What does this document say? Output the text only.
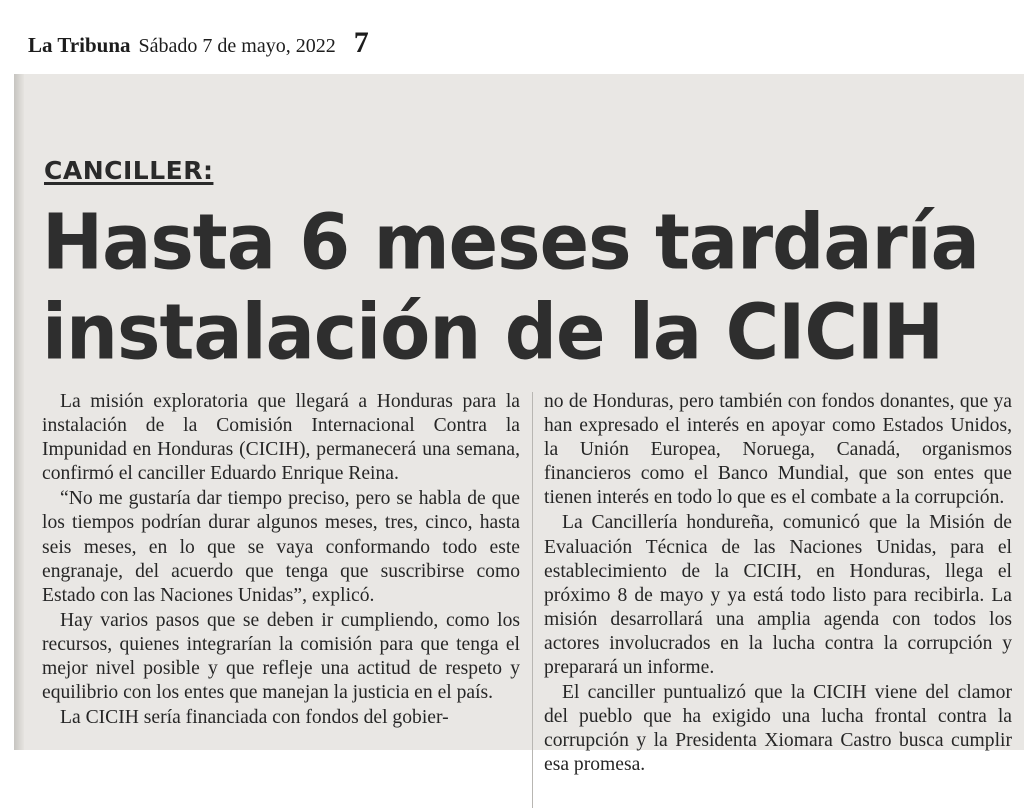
La Tribuna Sábado 7 de mayo, 2022 7
CANCILLER:
Hasta 6 meses tardaría
instalación de la CICIH

La misión exploratoria que llegará a Honduras para la instalación de la Comisión Internacional Contra la Impunidad en Honduras (CICIH), permanecerá una semana, confirmó el canciller Eduardo Enrique Reina.

“No me gustaría dar tiempo preciso, pero se habla de que los tiempos podrían durar algunos meses, tres, cinco, hasta seis meses, en lo que se vaya conformando todo este engranaje, del acuerdo que tenga que suscribirse como Estado con las Naciones Unidas”, explicó.

Hay varios pasos que se deben ir cumpliendo, como los recursos, quienes integrarían la comisión para que tenga el mejor nivel posible y que refleje una actitud de respeto y equilibrio con los entes que manejan la justicia en el país.

La CICIH sería financiada con fondos del gobier-

no de Honduras, pero también con fondos donantes, que ya han expresado el interés en apoyar como Estados Unidos, la Unión Europea, Noruega, Canadá, organismos financieros como el Banco Mundial, que son entes que tienen interés en todo lo que es el combate a la corrupción.

La Cancillería hondureña, comunicó que la Misión de Evaluación Técnica de las Naciones Unidas, para el establecimiento de la CICIH, en Honduras, llega el próximo 8 de mayo y ya está todo listo para recibirla. La misión desarrollará una amplia agenda con todos los actores involucrados en la lucha contra la corrupción y preparará un informe.

El canciller puntualizó que la CICIH viene del clamor del pueblo que ha exigido una lucha frontal contra la corrupción y la Presidenta Xiomara Castro busca cumplir esa promesa.
